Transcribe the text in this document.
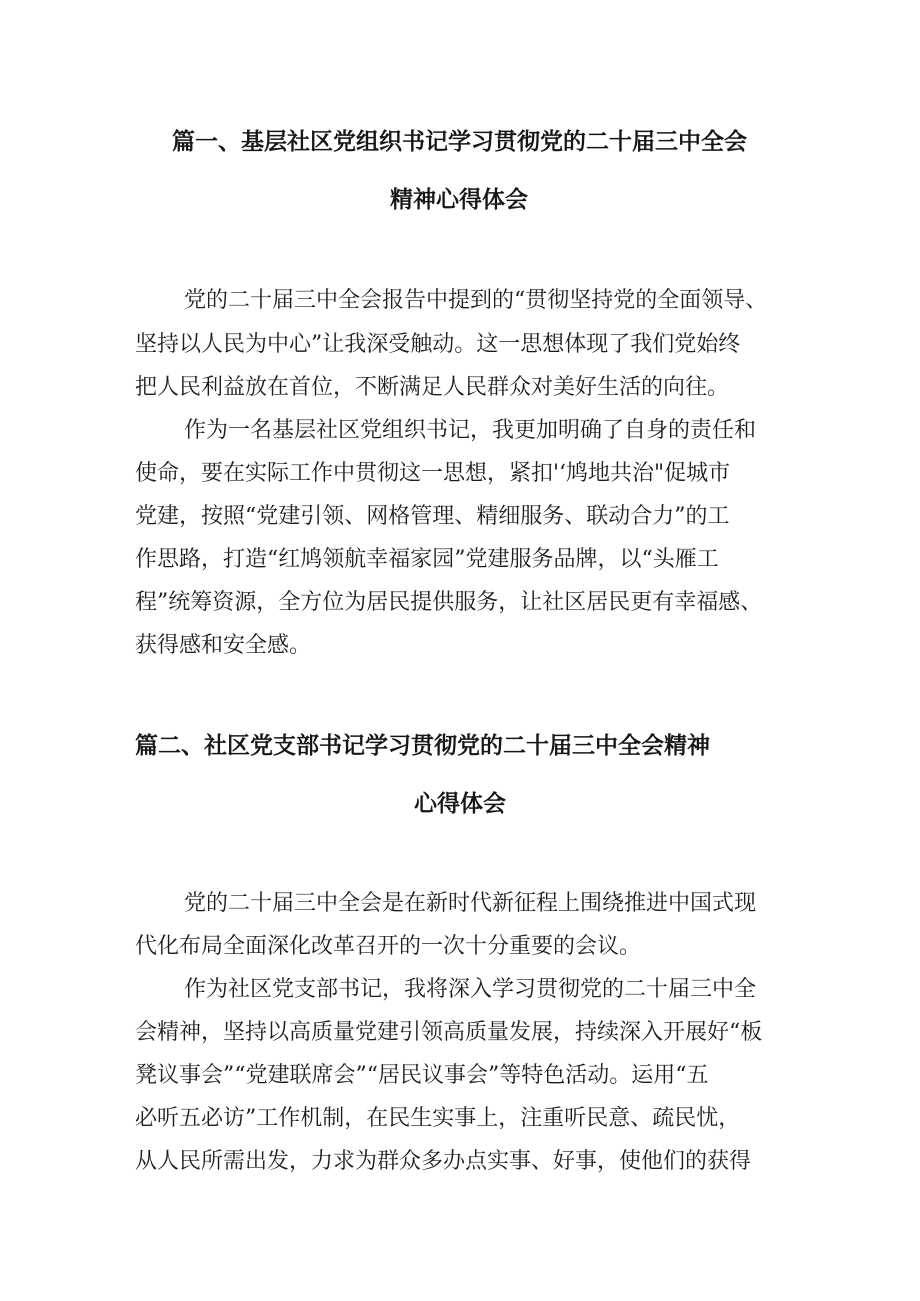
篇一、基层社区党组织书记学习贯彻党的二十届三中全会
精神心得体会
党的二十届三中全会报告中提到的“贯彻坚持党的全面领导、
坚持以人民为中心”让我深受触动。这一思想体现了我们党始终
把人民利益放在首位，不断满足人民群众对美好生活的向往。
作为一名基层社区党组织书记，我更加明确了自身的责任和
使命，要在实际工作中贯彻这一思想，紧扣'‘鸠地共治"促城市
党建，按照“党建引领、网格管理、精细服务、联动合力”的工
作思路，打造“红鸠领航幸福家园”党建服务品牌，以“头雁工
程”统筹资源，全方位为居民提供服务，让社区居民更有幸福感、
获得感和安全感。
篇二、社区党支部书记学习贯彻党的二十届三中全会精神
心得体会
党的二十届三中全会是在新时代新征程上围绕推进中国式现
代化布局全面深化改革召开的一次十分重要的会议。
作为社区党支部书记，我将深入学习贯彻党的二十届三中全
会精神，坚持以高质量党建引领高质量发展，持续深入开展好“板
凳议事会”“党建联席会”“居民议事会”等特色活动。运用“五
必听五必访”工作机制，在民生实事上，注重听民意、疏民忧，
从人民所需出发，力求为群众多办点实事、好事，使他们的获得
